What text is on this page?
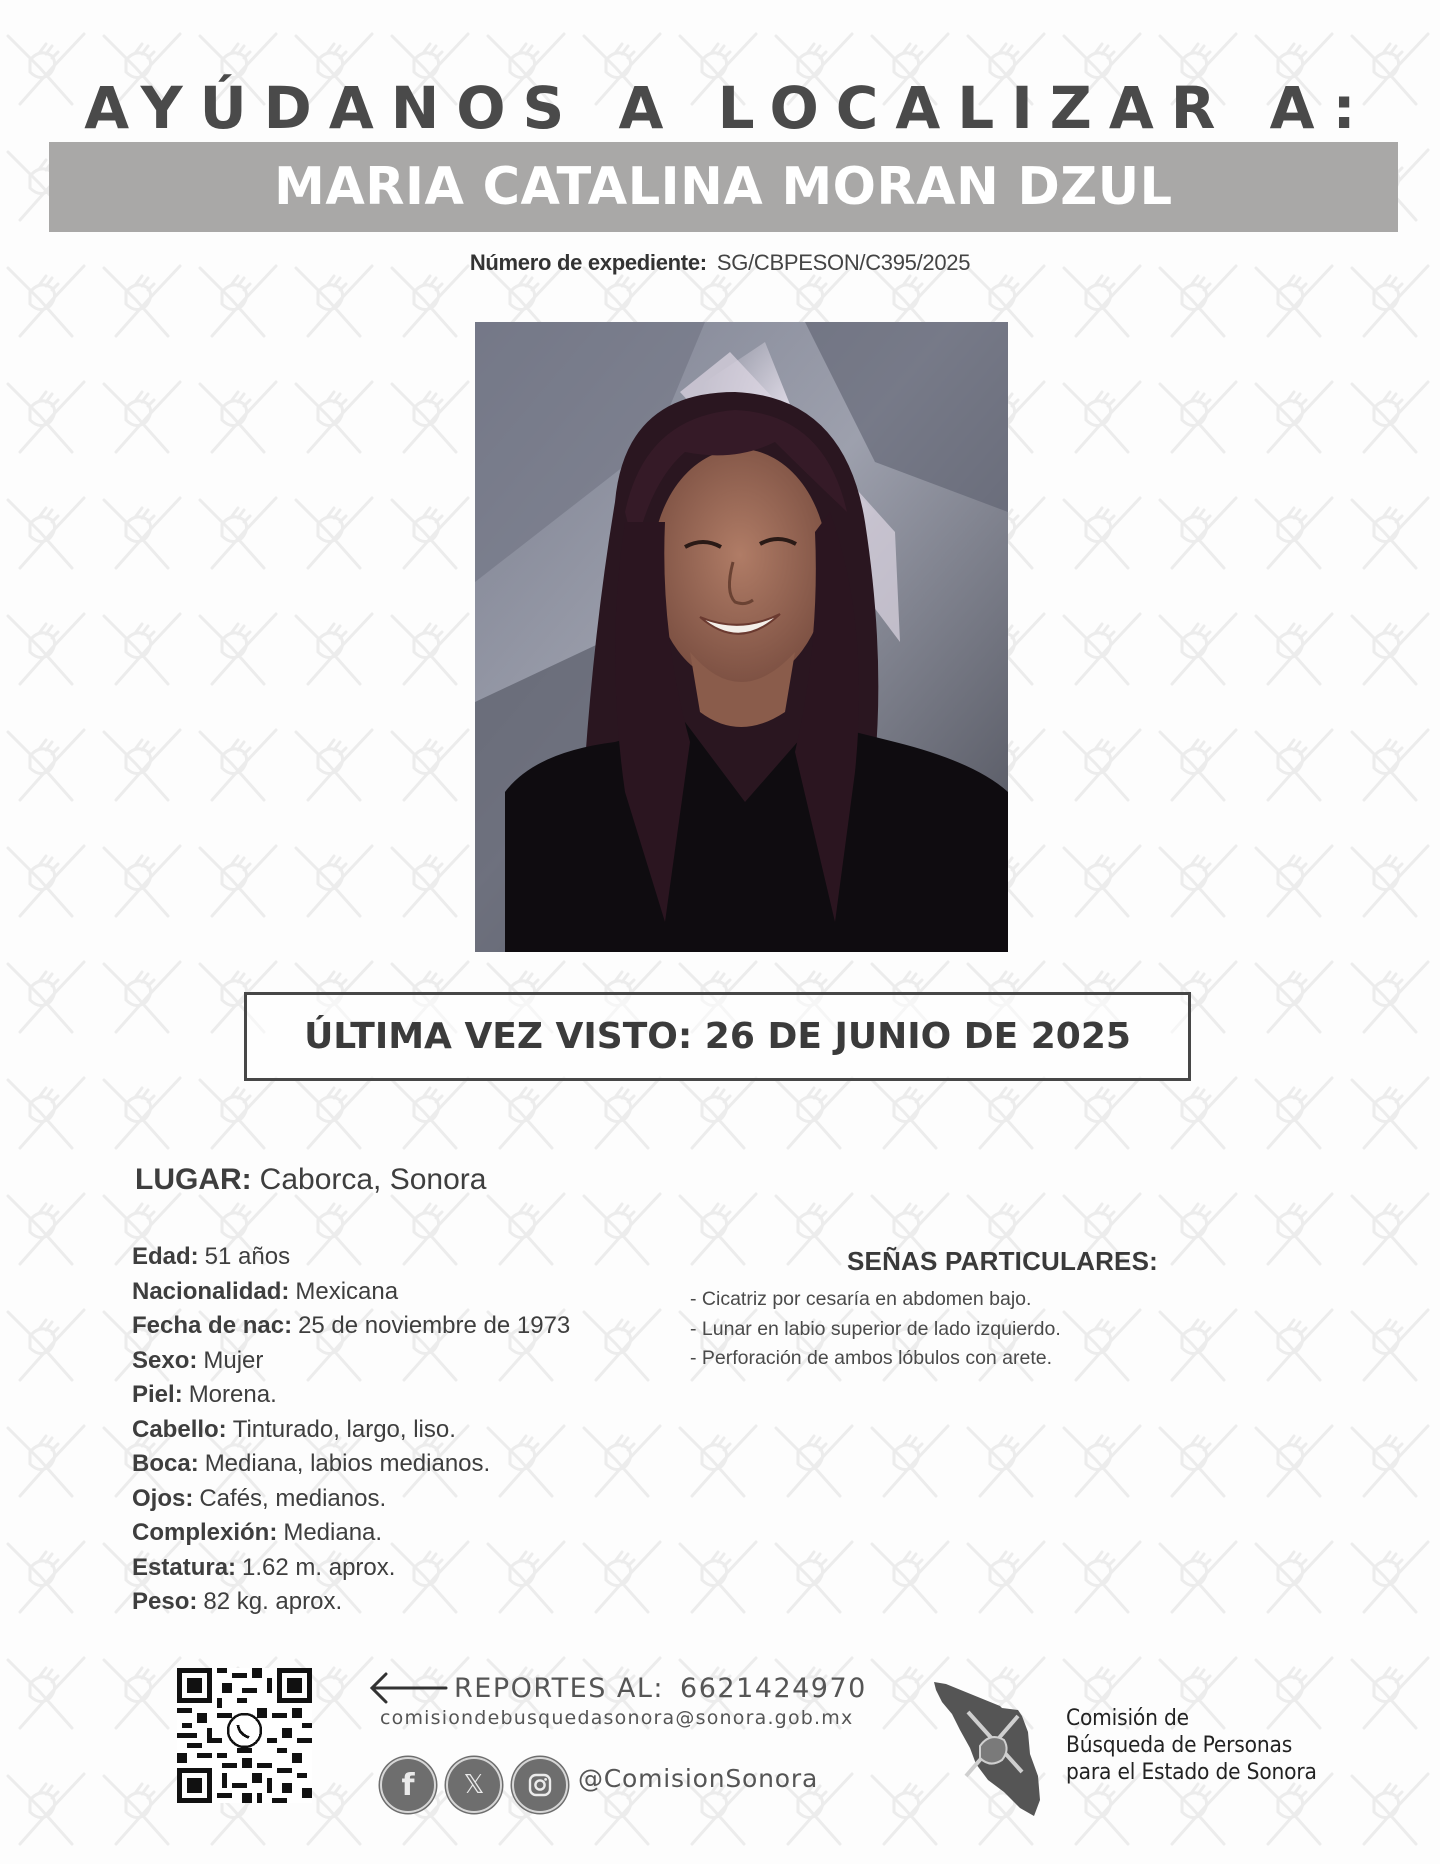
AYÚDANOS A LOCALIZAR A:
MARIA CATALINA MORAN DZUL
Número de expediente: SG/CBPESON/C395/2025
ÚLTIMA VEZ VISTO: 26 DE JUNIO DE 2025
LUGAR: Caborca, Sonora
Edad: 51 años
Nacionalidad: Mexicana
Fecha de nac: 25 de noviembre de 1973
Sexo: Mujer
Piel: Morena.
Cabello: Tinturado, largo, liso.
Boca: Mediana, labios medianos.
Ojos: Cafés, medianos.
Complexión: Mediana.
Estatura: 1.62 m. aprox.
Peso: 82 kg. aprox.
SEÑAS PARTICULARES:
- Cicatriz por cesaría en abdomen bajo.
- Lunar en labio superior de lado izquierdo.
- Perforación de ambos lóbulos con arete.
REPORTES AL: 6621424970
comisiondebusquedasonora@sonora.gob.mx
f 𝕏	@ComisionSonora
Comisión de
Búsqueda de Personas
para el Estado de Sonora
